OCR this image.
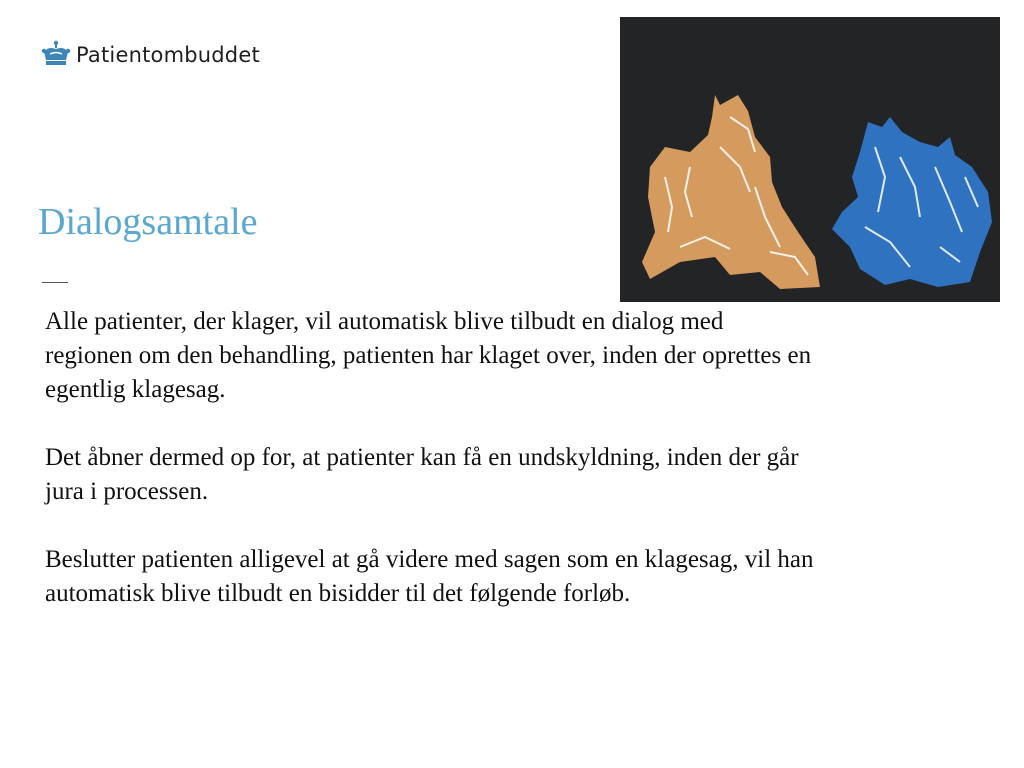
Patientombuddet
Dialogsamtale

Alle patienter, der klager, vil automatisk blive tilbudt en dialog med regionen om den behandling, patienten har klaget over, inden der oprettes en egentlig klagesag.

Det åbner dermed op for, at patienter kan få en undskyldning, inden der går jura i processen.

Beslutter patienten alligevel at gå videre med sagen som en klagesag, vil han automatisk blive tilbudt en bisidder til det følgende forløb.
